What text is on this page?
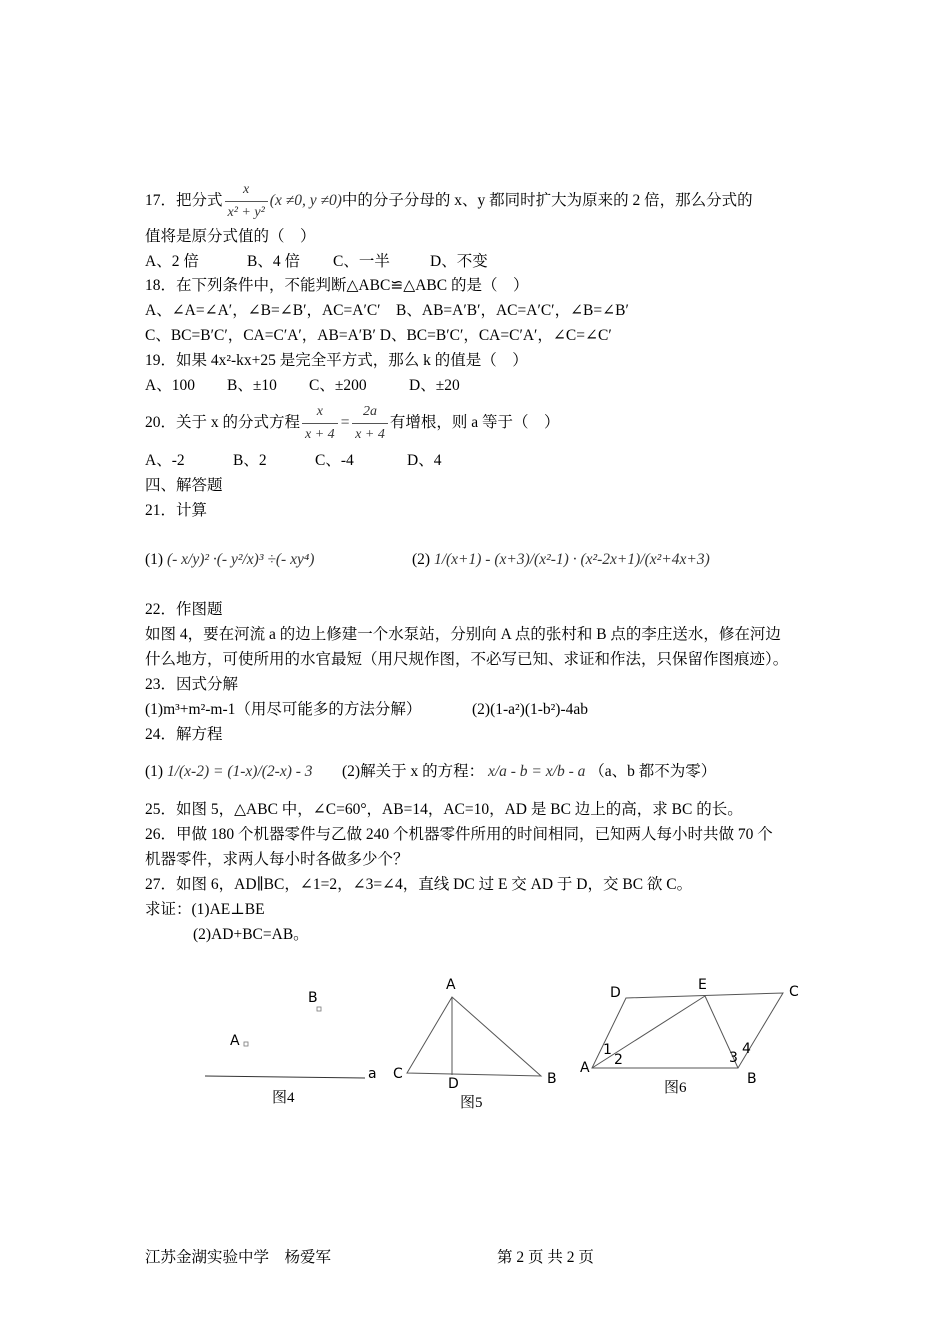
17．把分式 $\frac{x}{\text{x² + y²}} (x \ne 0$, y ≠0)中的分子分母的 x、y 都同时扩大为原来的 2 倍，那么分式的
值将是原分式值的（　）
A、2 倍	B、4 倍 C、一半	D、不变
18．在下列条件中，不能判断△ABC≌△ABC 的是（　）
A、∠A=∠A′，∠B=∠B′，AC=A′C′　B、AB=A′B′，AC=A′C′，∠B=∠B′
C、BC=B′C′，CA=C′A′，AB=A′B′ D、BC=B′C′，CA=C′A′，∠C=∠C′
19．如果 4x²-kx+25 是完全平方式，那么 k 的值是（　）
A、100 B、±10 C、±200	D、±20
20．关于 x 的分式方程 $\frac{x}{x + 4} = \frac{2a}{x + 4}$ 有增根，则 a 等于（　）
A、-2	B、2	C、-4	D、4
四、解答题
21．计算
(1) (- x/y)² ·(- y²/x)³ ÷(- xy⁴)	(2) 1/(x+1) - (x+3)/(x²-1) · (x²-2x+1)/(x²+4x+3)
22．作图题
如图 4，要在河流 a 的边上修建一个水泵站，分别向 A 点的张村和 B 点的李庄送水，修在河边
什么地方，可使所用的水官最短（用尺规作图，不必写已知、求证和作法，只保留作图痕迹）。
23．因式分解
(1)m³+m²-m-1（用尽可能多的方法分解）	(2)(1-a²)(1-b²)-4ab
24．解方程
(1) 1/(x-2) = (1-x)/(2-x) - 3 (2)解关于 x 的方程： x/a - b = x/b - a （a、b 都不为零）
25．如图 5，△ABC 中，∠C=60°，AB=14，AC=10，AD 是 BC 边上的高，求 BC 的长。
26．甲做 180 个机器零件与乙做 240 个机器零件所用的时间相同，已知两人每小时共做 70 个
机器零件，求两人每小时各做多少个？
27．如图 6，AD∥BC，∠1=2，∠3=∠4，直线 DC 过 E 交 AD 于 D，交 BC 欲 C。
求证：(1)AE⊥BE
(2)AD+BC=AB。
B
A
a
图4
A
C
D	B
图5
D	E	C
A
B
1
2	3
4
图6
江苏金湖实验中学　杨爱军	第 2 页 共 2 页
